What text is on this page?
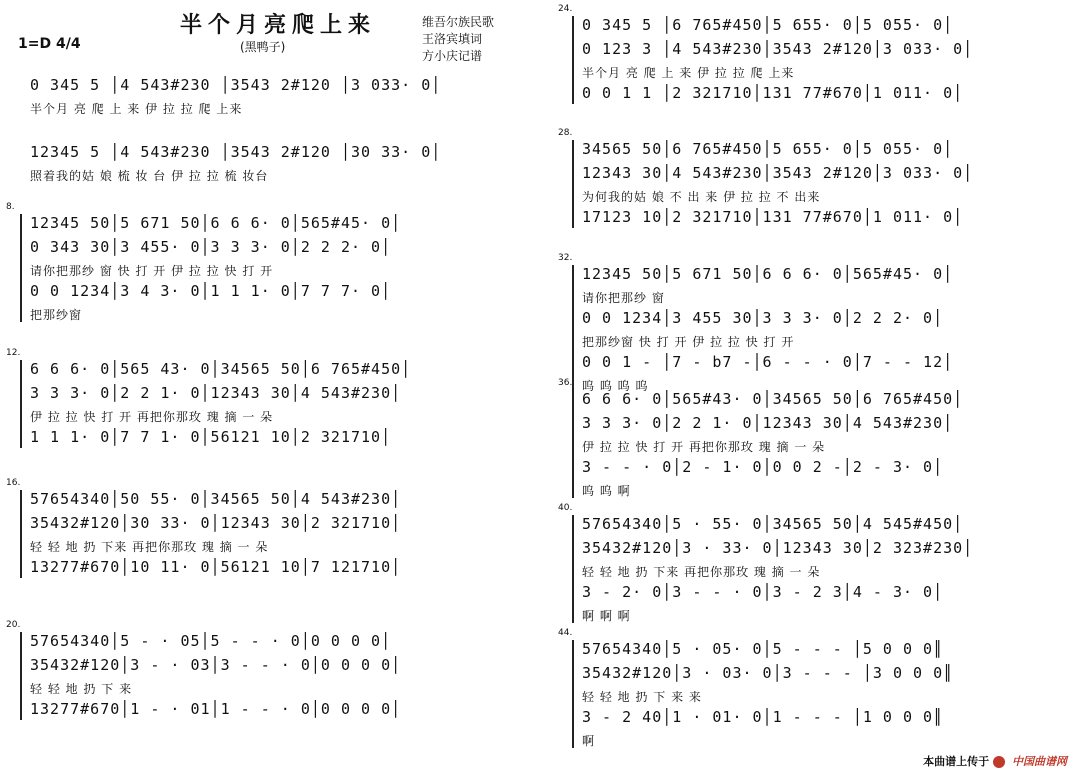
半个月亮爬上来
(黑鸭子)
1=D 4/4
维吾尔族民歌
王洛宾填词
方小庆记谱
0 345 5 │4 543#230 │3543 2#120 │3 033· 0│
半个月 亮 爬 上 来 伊 拉 拉 爬 上来
12345 5 │4 543#230 │3543 2#120 │30 33· 0│
照着我的姑 娘 梳 妆 台 伊 拉 拉 梳 妆台
8.
12345 50│5 671 50│6 6 6· 0│565#45· 0│
0 343 30│3 455· 0│3 3 3· 0│2 2 2· 0│
请你把那纱 窗 快 打 开 伊 拉 拉 快 打 开
0 0 1234│3 4 3· 0│1 1 1· 0│7 7 7· 0│
把那纱窗
12.
6 6 6· 0│565 43· 0│34565 50│6 765#450│
3 3 3· 0│2 2 1· 0│12343 30│4 543#230│
伊 拉 拉 快 打 开 再把你那玫 瑰 摘 一 朵
1 1 1· 0│7 7 1· 0│56121 10│2 321710│
16.
57654340│50 55· 0│34565 50│4 543#230│
35432#120│30 33· 0│12343 30│2 321710│
轻 轻 地 扔 下来 再把你那玫 瑰 摘 一 朵
13277#670│10 11· 0│56121 10│7 121710│
20.
57654340│5 - · 05│5 - - · 0│0 0 0 0│
35432#120│3 - · 03│3 - - · 0│0 0 0 0│
轻 轻 地 扔 下 来
13277#670│1 - · 01│1 - - · 0│0 0 0 0│
24.
0 345 5 │6 765#450│5 655· 0│5 055· 0│
0 123 3 │4 543#230│3543 2#120│3 033· 0│
半个月 亮 爬 上 来 伊 拉 拉 爬 上来
0 0 1 1 │2 321710│131 77#670│1 011· 0│
28.
34565 50│6 765#450│5 655· 0│5 055· 0│
12343 30│4 543#230│3543 2#120│3 033· 0│
为何我的姑 娘 不 出 来 伊 拉 拉 不 出来
17123 10│2 321710│131 77#670│1 011· 0│
32.
12345 50│5 671 50│6 6 6· 0│565#45· 0│
请你把那纱 窗
0 0 1234│3 455 30│3 3 3· 0│2 2 2· 0│
把那纱窗 快 打 开 伊 拉 拉 快 打 开
0 0 1 - │7 - b7 -│6 - - · 0│7 - - 12│
呜 呜 呜 呜
36.
6 6 6· 0│565#43· 0│34565 50│6 765#450│
3 3 3· 0│2 2 1· 0│12343 30│4 543#230│
伊 拉 拉 快 打 开 再把你那玫 瑰 摘 一 朵
3 - - · 0│2 - 1· 0│0 0 2 -│2 - 3· 0│
呜 呜 啊
40.
57654340│5 · 55· 0│34565 50│4 545#450│
35432#120│3 · 33· 0│12343 30│2 323#230│
轻 轻 地 扔 下来 再把你那玫 瑰 摘 一 朵
3 - 2· 0│3 - - · 0│3 - 2 3│4 - 3· 0│
啊 啊 啊
44.
57654340│5 · 05· 0│5 - - - │5 0 0 0║
35432#120│3 · 03· 0│3 - - - │3 0 0 0║
轻 轻 地 扔 下 来 来
3 - 2 40│1 · 01· 0│1 - - - │1 0 0 0║
啊
本曲谱上传于 中国曲谱网
